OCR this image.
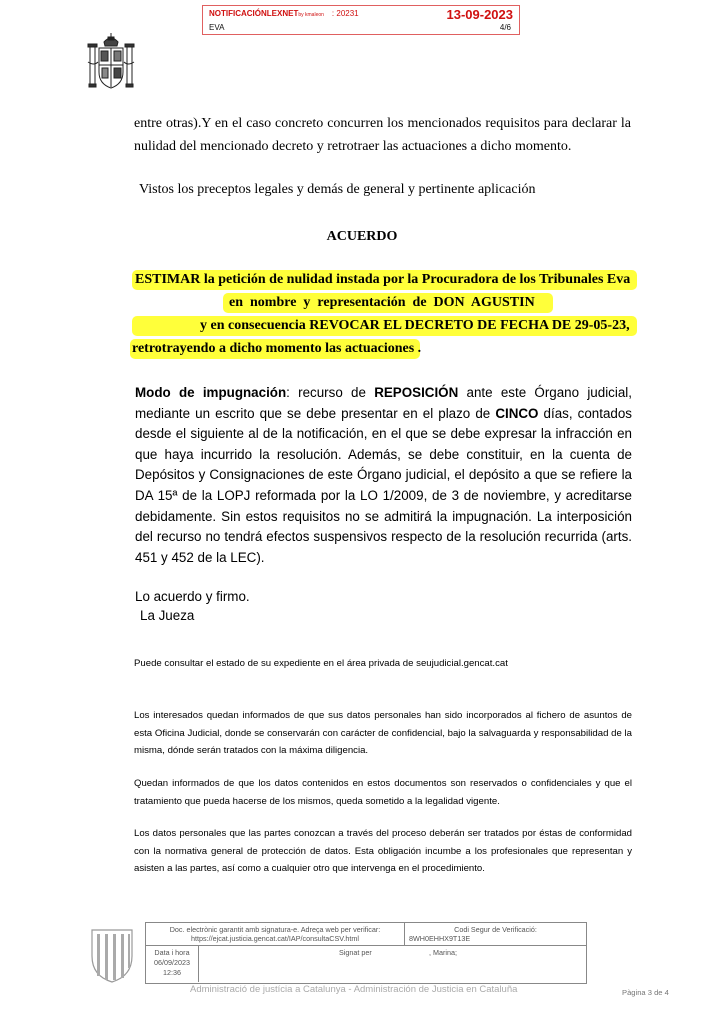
NOTIFICACIÓNLEXNETby kmaleon : 20231	13-09-2023
EVA	4/6
entre otras).Y en el caso concreto concurren los mencionados requisitos para declarar la nulidad del mencionado decreto y retrotraer las actuaciones a dicho momento.
Vistos los preceptos legales y demás de general y pertinente aplicación
ACUERDO
ESTIMAR la petición de nulidad instada por la Procuradora de los Tribunales Eva
en  nombre  y  representación  de  DON  AGUSTIN
y en consecuencia REVOCAR EL DECRETO DE FECHA DE 29-05-23,
retrotrayendo a dicho momento las actuaciones .
Modo de impugnación: recurso de REPOSICIÓN ante este Órgano judicial, mediante un escrito que se debe presentar en el plazo de CINCO días, contados desde el siguiente al de la notificación, en el que se debe expresar la infracción en que haya incurrido la resolución. Además, se debe constituir, en la cuenta de Depósitos y Consignaciones de este Órgano judicial, el depósito a que se refiere la DA 15ª de la LOPJ reformada por la LO 1/2009, de 3 de noviembre, y acreditarse debidamente. Sin estos requisitos no se admitirá la impugnación. La interposición del recurso no tendrá efectos suspensivos respecto de la resolución recurrida (arts. 451 y 452 de la LEC).
Lo acuerdo y firmo.
La Jueza
Puede consultar el estado de su expediente en el área privada de seujudicial.gencat.cat
Los interesados quedan informados de que sus datos personales han sido incorporados al fichero de asuntos de esta Oficina Judicial, donde se conservarán con carácter de confidencial, bajo la salvaguarda y responsabilidad de la misma, dónde serán tratados con la máxima diligencia.
Quedan informados de que los datos contenidos en estos documentos son reservados o confidenciales y que el tratamiento que pueda hacerse de los mismos, queda sometido a la legalidad vigente.
Los datos personales que las partes conozcan a través del proceso deberán ser tratados por éstas de conformidad con la normativa general de protección de datos. Esta obligación incumbe a los profesionales que representan y asisten a las partes, así como a cualquier otro que intervenga en el procedimiento.
Doc. electrònic garantit amb signatura-e. Adreça web per verificar:
https://ejcat.justicia.gencat.cat/IAP/consultaCSV.html

Codi Segur de Verificació:
8WH0EHHX9T13E

Data i hora
06/09/2023
12:36
Signat per	, Marina;
Administració de justícia a Catalunya - Administración de Justicia en Cataluña	Pàgina 3 de 4
